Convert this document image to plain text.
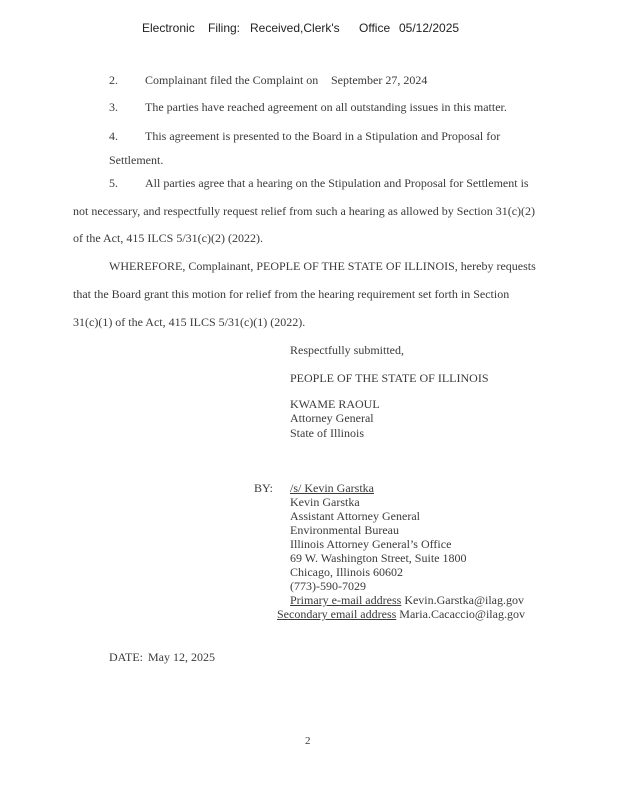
Electronic Filing: Received,Clerk's Office 05/12/2025
2. Complainant filed the Complaint on September 27, 2024
3. The parties have reached agreement on all outstanding issues in this matter.
4. This agreement is presented to the Board in a Stipulation and Proposal for
Settlement.
5. All parties agree that a hearing on the Stipulation and Proposal for Settlement is
not necessary, and respectfully request relief from such a hearing as allowed by Section 31(c)(2)
of the Act, 415 ILCS 5/31(c)(2) (2022).
WHEREFORE, Complainant, PEOPLE OF THE STATE OF ILLINOIS, hereby requests
that the Board grant this motion for relief from the hearing requirement set forth in Section
31(c)(1) of the Act, 415 ILCS 5/31(c)(1) (2022).
Respectfully submitted,
PEOPLE OF THE STATE OF ILLINOIS
KWAME RAOUL
Attorney General
State of Illinois
BY: /s/ Kevin Garstka
Kevin Garstka
Assistant Attorney General
Environmental Bureau
Illinois Attorney General’s Office
69 W. Washington Street, Suite 1800
Chicago, Illinois 60602
(773)-590-7029
Primary e-mail address Kevin.Garstka@ilag.gov
Secondary email address Maria.Cacaccio@ilag.gov
DATE: May 12, 2025
2
